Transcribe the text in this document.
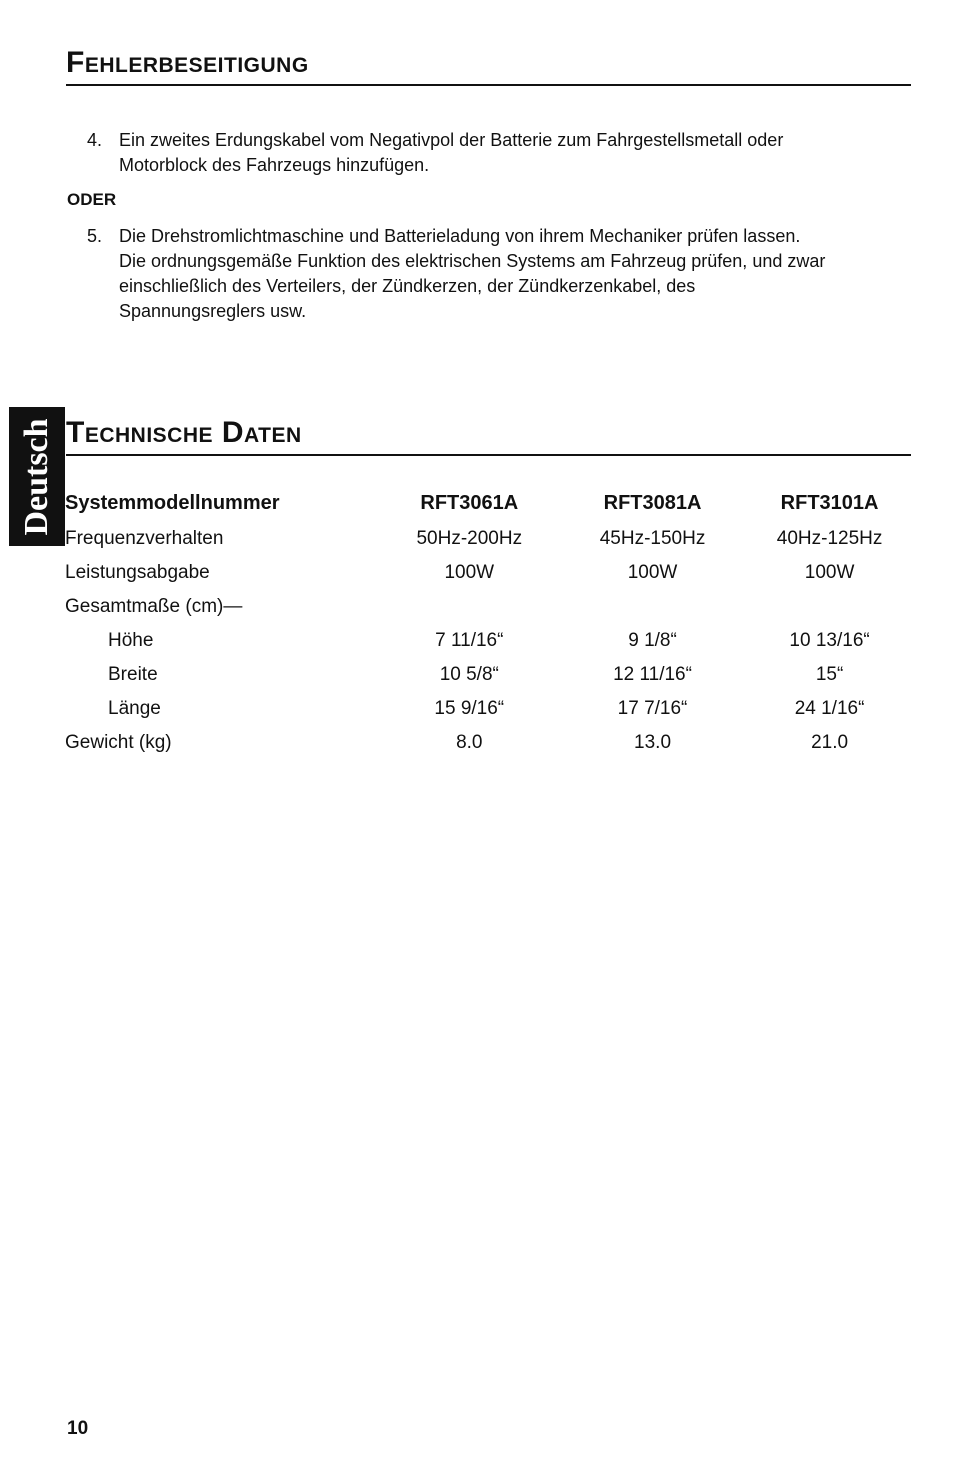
Fehlerbeseitigung
4. Ein zweites Erdungskabel vom Negativpol der Batterie zum Fahrgestellsmetall oder
Motorblock des Fahrzeugs hinzufügen.
ODER
5. Die Drehstromlichtmaschine und Batterieladung von ihrem Mechaniker prüfen lassen.
Die ordnungsgemäße Funktion des elektrischen Systems am Fahrzeug prüfen, und zwar
einschließlich des Verteilers, der Zündkerzen, der Zündkerzenkabel, des
Spannungsreglers usw.
Deutsch Technische Daten
Systemmodellnummer	RFT3061A	RFT3081A	RFT3101A
Frequenzverhalten	50Hz-200Hz	45Hz-150Hz	40Hz-125Hz
Leistungsabgabe	100W	100W	100W
Gesamtmaße (cm)—			
Höhe	7 11/16“	9 1/8“	10 13/16“
Breite	10 5/8“	12 11/16“	15“
Länge	15 9/16“	17 7/16“	24 1/16“
Gewicht (kg)	8.0	13.0	21.0
10
